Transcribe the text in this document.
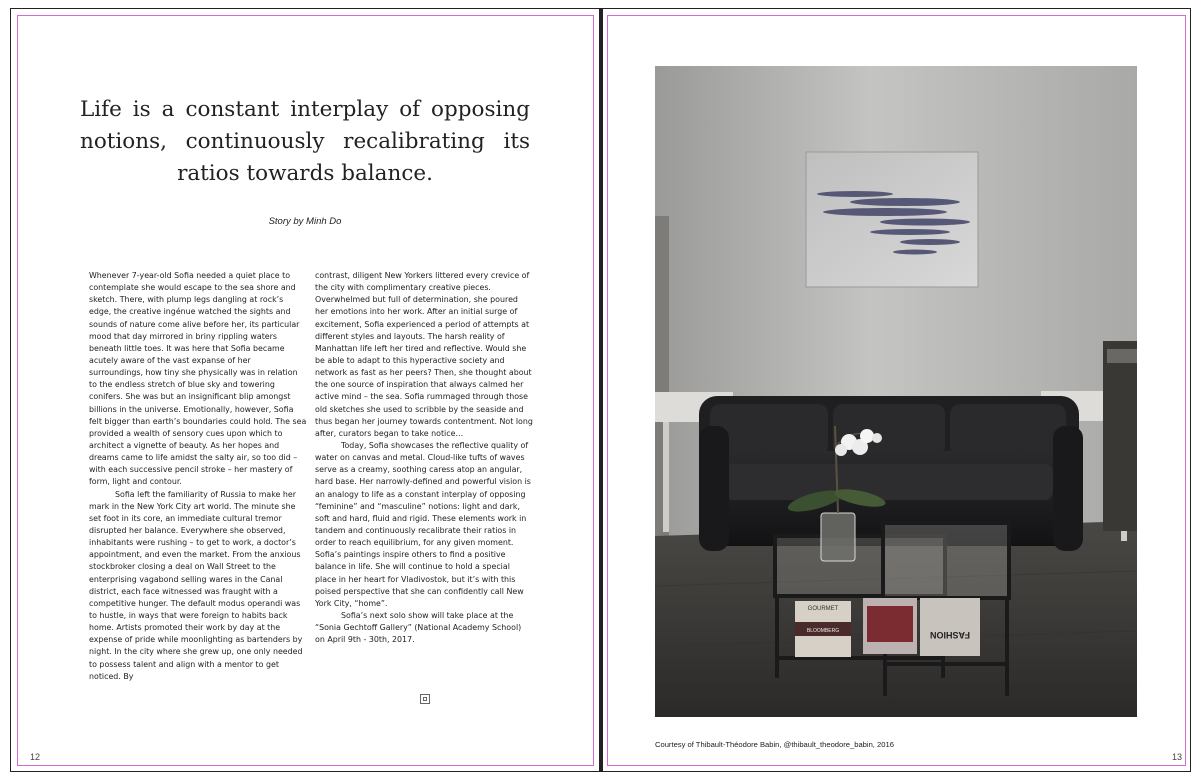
Life is a constant interplay of opposing notions, continuously recalibrating its ratios towards balance.
Story by Minh Do

Whenever 7-year-old Sofia needed a quiet place to contemplate she would escape to the sea shore and sketch. There, with plump legs dangling at rock’s edge, the creative ingénue watched the sights and sounds of nature come alive before her, its particular mood that day mirrored in briny rippling waters beneath little toes. It was here that Sofia became acutely aware of the vast expanse of her surroundings, how tiny she physically was in relation to the endless stretch of blue sky and towering conifers. She was but an insignificant blip amongst billions in the universe. Emotionally, however, Sofia felt bigger than earth’s boundaries could hold. The sea provided a wealth of sensory cues upon which to architect a vignette of beauty. As her hopes and dreams came to life amidst the salty air, so too did – with each successive pencil stroke – her mastery of form, light and contour.

Sofia left the familiarity of Russia to make her mark in the New York City art world. The minute she set foot in its core, an immediate cultural tremor disrupted her balance. Everywhere she observed, inhabitants were rushing – to get to work, a doctor’s appointment, and even the market. From the anxious stockbroker closing a deal on Wall Street to the enterprising vagabond selling wares in the Canal district, each face witnessed was fraught with a competitive hunger. The default modus operandi was to hustle, in ways that were foreign to habits back home. Artists promoted their work by day at the expense of pride while moonlighting as bartenders by night. In the city where she grew up, one only needed to possess talent and align with a mentor to get noticed. By

contrast, diligent New Yorkers littered every crevice of the city with complimentary creative pieces. Overwhelmed but full of determination, she poured her emotions into her work. After an initial surge of excitement, Sofia experienced a period of attempts at different styles and layouts. The harsh reality of Manhattan life left her tired and reflective. Would she be able to adapt to this hyperactive society and network as fast as her peers? Then, she thought about the one source of inspiration that always calmed her active mind – the sea. Sofia rummaged through those old sketches she used to scribble by the seaside and thus began her journey towards contentment. Not long after, curators began to take notice…

Today, Sofia showcases the reflective quality of water on canvas and metal. Cloud-like tufts of waves serve as a creamy, soothing caress atop an angular, hard base. Her narrowly-defined and powerful vision is an analogy to life as a constant interplay of opposing “feminine” and “masculine” notions: light and dark, soft and hard, fluid and rigid. These elements work in tandem and continuously recalibrate their ratios in order to reach equilibrium, for any given moment. Sofia’s paintings inspire others to find a positive balance in life. She will continue to hold a special place in her heart for Vladivostok, but it’s with this poised perspective that she can confidently call New York City, “home”.

Sofia’s next solo show will take place at the “Sonia Gechtoff Gallery” (National Academy School) on April 9th - 30th, 2017.

12
GOURMET
BLOOMBERG	FASHION
Courtesy of Thibault-Théodore Babin, @thibault_theodore_babin, 2016
13
